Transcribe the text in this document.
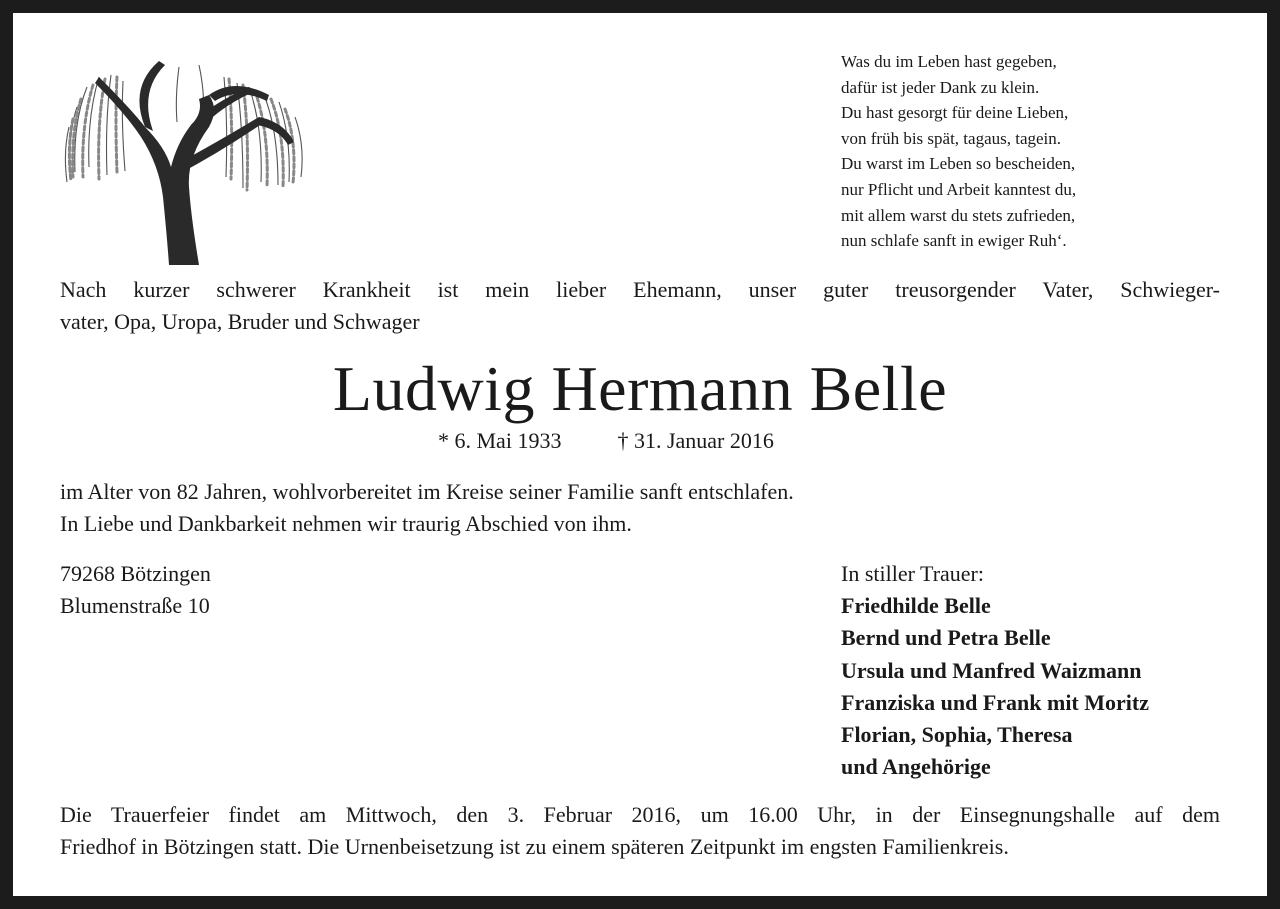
Was du im Leben hast gegeben,
dafür ist jeder Dank zu klein.
Du hast gesorgt für deine Lieben,
von früh bis spät, tagaus, tagein.
Du warst im Leben so bescheiden,
nur Pflicht und Arbeit kanntest du,
mit allem warst du stets zufrieden,
nun schlafe sanft in ewiger Ruh‘.
Nach kurzer schwerer Krankheit ist mein lieber Ehemann, unser guter treusorgender Vater, Schwieger-
vater, Opa, Uropa, Bruder und Schwager
Ludwig Hermann Belle
* 6. Mai 1933	† 31. Januar 2016
im Alter von 82 Jahren, wohlvorbereitet im Kreise seiner Familie sanft entschlafen.
In Liebe und Dankbarkeit nehmen wir traurig Abschied von ihm.
79268 Bötzingen
Blumenstraße 10
In stiller Trauer:
Friedhilde Belle
Bernd und Petra Belle
Ursula und Manfred Waizmann
Franziska und Frank mit Moritz
Florian, Sophia, Theresa
und Angehörige
Die Trauerfeier findet am Mittwoch, den 3. Februar 2016, um 16.00 Uhr, in der Einsegnungshalle auf dem
Friedhof in Bötzingen statt. Die Urnenbeisetzung ist zu einem späteren Zeitpunkt im engsten Familienkreis.
